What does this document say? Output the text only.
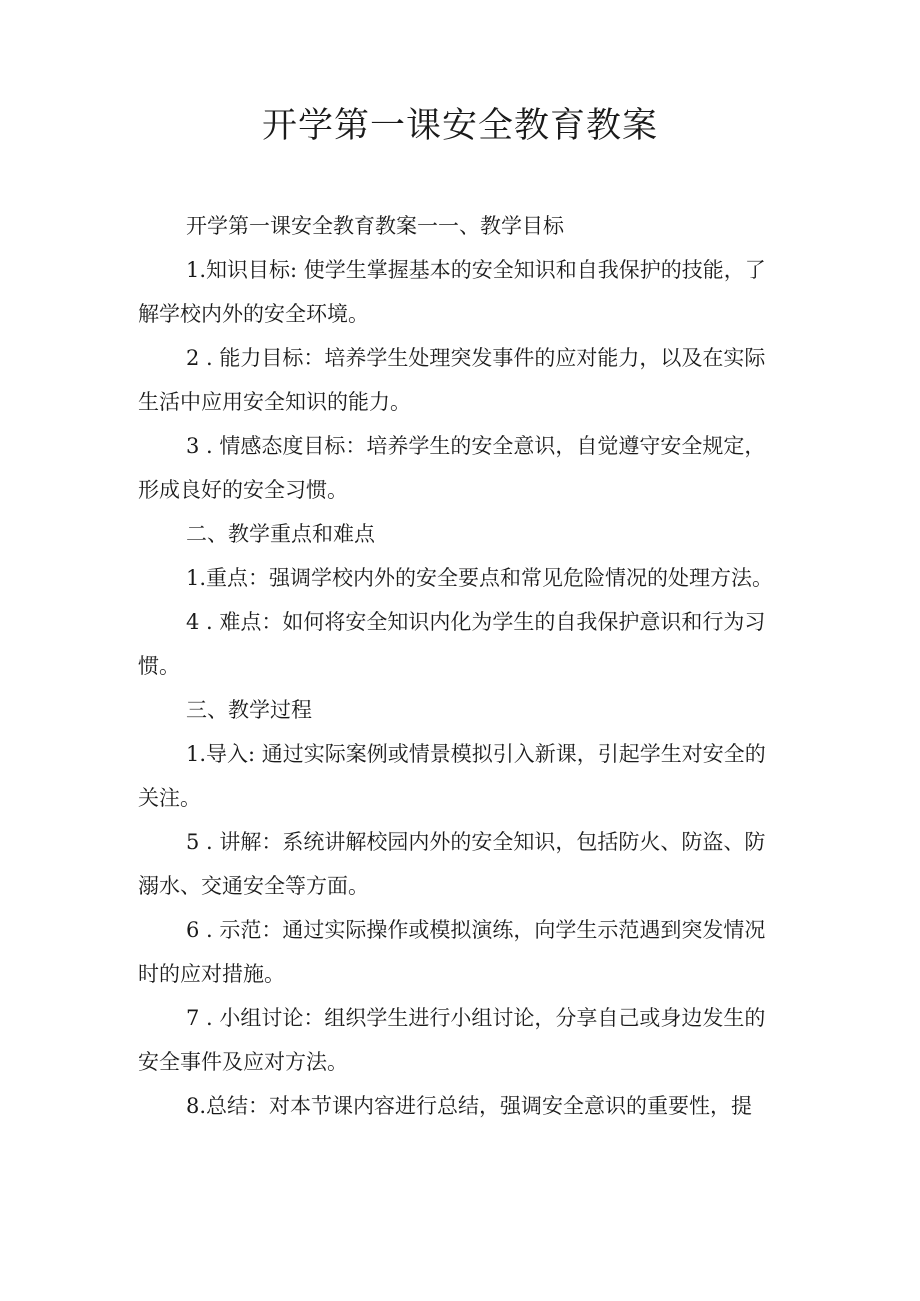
开学第一课安全教育教案

开学第一课安全教育教案一一、教学目标

1.知识目标: 使学生掌握基本的安全知识和自我保护的技能，了
解学校内外的安全环境。

2 . 能力目标：培养学生处理突发事件的应对能力，以及在实际
生活中应用安全知识的能力。

3 . 情感态度目标：培养学生的安全意识，自觉遵守安全规定，
形成良好的安全习惯。

二、教学重点和难点

1.重点：强调学校内外的安全要点和常见危险情况的处理方法。

4 . 难点：如何将安全知识内化为学生的自我保护意识和行为习
惯。

三、教学过程

1.导入: 通过实际案例或情景模拟引入新课，引起学生对安全的
关注。

5 . 讲解：系统讲解校园内外的安全知识，包括防火、防盗、防
溺水、交通安全等方面。

6 . 示范：通过实际操作或模拟演练，向学生示范遇到突发情况
时的应对措施。

7 . 小组讨论：组织学生进行小组讨论，分享自己或身边发生的
安全事件及应对方法。

8.总结：对本节课内容进行总结，强调安全意识的重要性，提
